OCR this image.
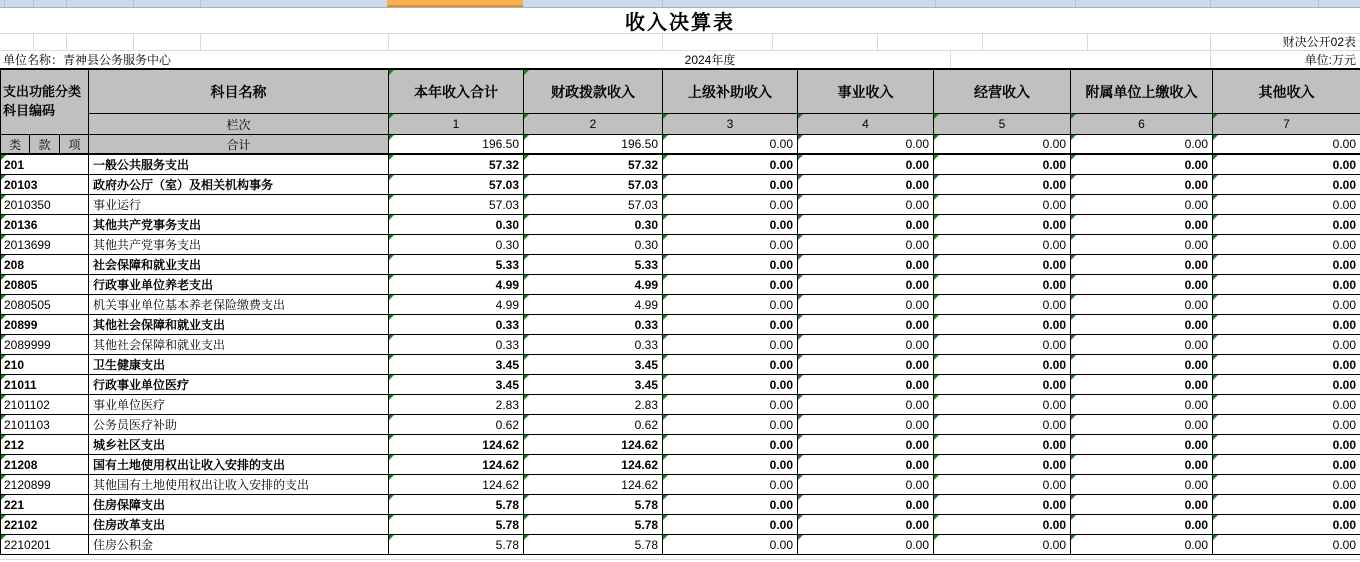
收入决算表
财决公开02表
单位名称：青神县公务服务中心	2024年度	单位:万元
支出功能分类科目编码
科目名称	本年收入合计	财政拨款收入	上级补助收入	事业收入	经营收入	附属单位上缴收入	其他收入
栏次	1	2	3	4	5	6	7
类	款	项	合计	196.50	196.50	0.00	0.00	0.00	0.00	0.00
201	一般公共服务支出	57.32	57.32	0.00	0.00	0.00	0.00	0.00
20103	政府办公厅（室）及相关机构事务	57.03	57.03	0.00	0.00	0.00	0.00	0.00
2010350	事业运行	57.03	57.03	0.00	0.00	0.00	0.00	0.00
20136	其他共产党事务支出	0.30	0.30	0.00	0.00	0.00	0.00	0.00
2013699	其他共产党事务支出	0.30	0.30	0.00	0.00	0.00	0.00	0.00
208	社会保障和就业支出	5.33	5.33	0.00	0.00	0.00	0.00	0.00
20805	行政事业单位养老支出	4.99	4.99	0.00	0.00	0.00	0.00	0.00
2080505	机关事业单位基本养老保险缴费支出	4.99	4.99	0.00	0.00	0.00	0.00	0.00
20899	其他社会保障和就业支出	0.33	0.33	0.00	0.00	0.00	0.00	0.00
2089999	其他社会保障和就业支出	0.33	0.33	0.00	0.00	0.00	0.00	0.00
210	卫生健康支出	3.45	3.45	0.00	0.00	0.00	0.00	0.00
21011	行政事业单位医疗	3.45	3.45	0.00	0.00	0.00	0.00	0.00
2101102	事业单位医疗	2.83	2.83	0.00	0.00	0.00	0.00	0.00
2101103	公务员医疗补助	0.62	0.62	0.00	0.00	0.00	0.00	0.00
212	城乡社区支出	124.62	124.62	0.00	0.00	0.00	0.00	0.00
21208	国有土地使用权出让收入安排的支出	124.62	124.62	0.00	0.00	0.00	0.00	0.00
2120899	其他国有土地使用权出让收入安排的支出	124.62	124.62	0.00	0.00	0.00	0.00	0.00
221	住房保障支出	5.78	5.78	0.00	0.00	0.00	0.00	0.00
22102	住房改革支出	5.78	5.78	0.00	0.00	0.00	0.00	0.00
2210201	住房公积金	5.78	5.78	0.00	0.00	0.00	0.00	0.00
